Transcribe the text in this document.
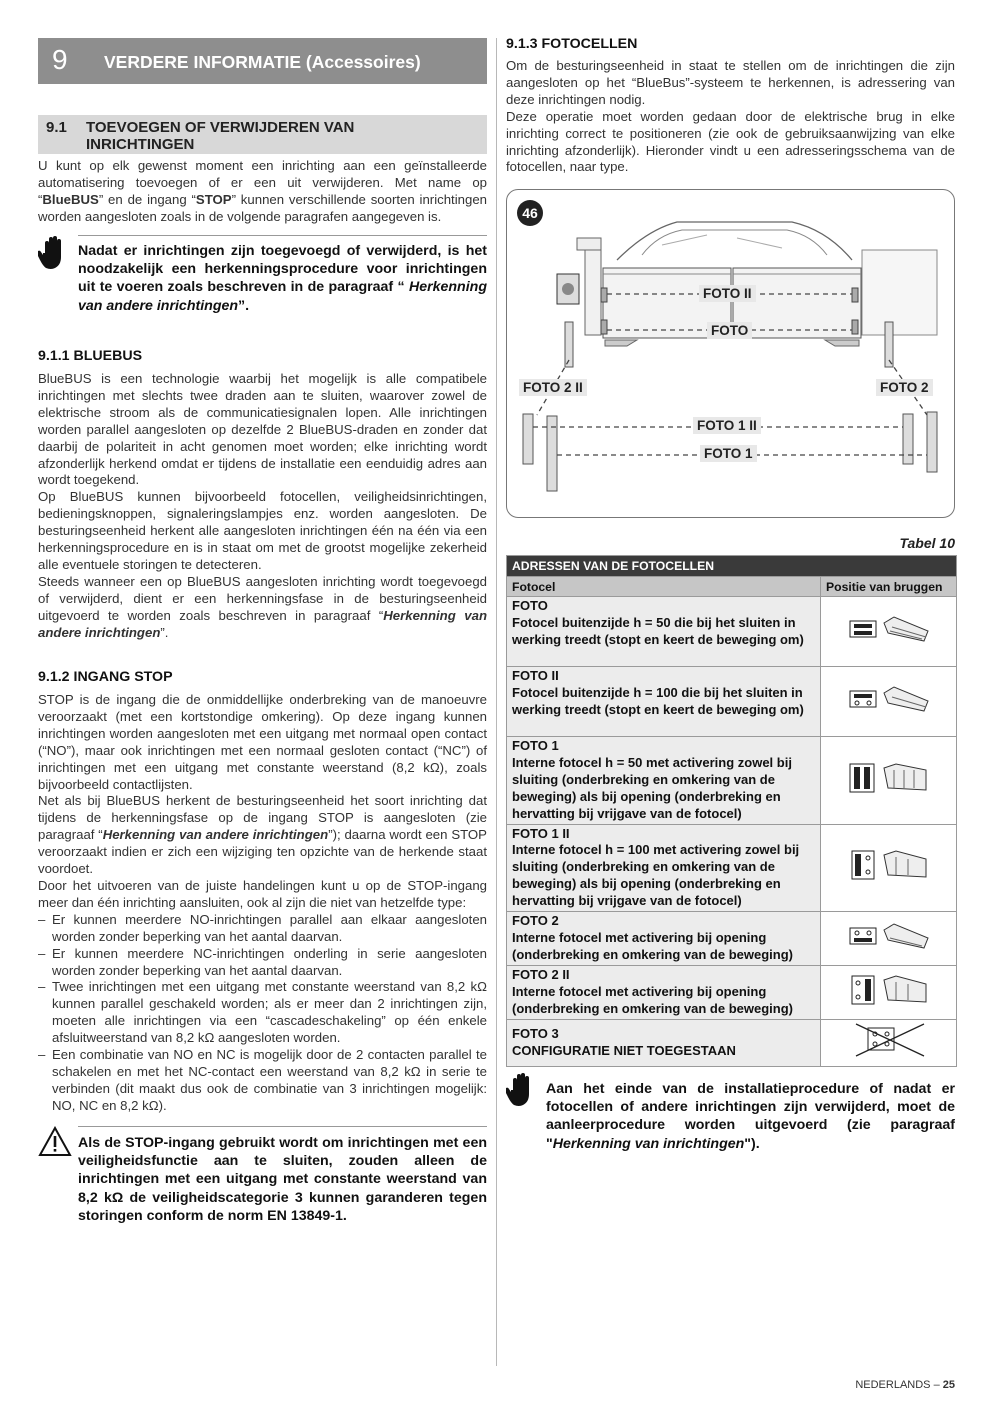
9 VERDERE INFORMATIE (Accessoires)
9.1 TOEVOEGEN OF VERWIJDEREN VAN
INRICHTINGEN

U kunt op elk gewenst moment een inrichting aan een geïnstalleerde automatisering toevoegen of er een uit verwijderen. Met name op “BlueBUS” en de ingang “STOP” kunnen verschillende soorten inrichtingen worden aangesloten zoals in de volgende paragrafen aangegeven is.

Nadat er inrichtingen zijn toegevoegd of verwijderd, is het noodzakelijk een herkenningsprocedure voor inrichtingen uit te voeren zoals beschreven in de paragraaf “ Herkenning van andere inrichtingen”.
9.1.1 BLUEBUS

BlueBUS is een technologie waarbij het mogelijk is alle compatibele inrichtingen met slechts twee draden aan te sluiten, waarover zowel de elektrische stroom als de communicatiesignalen lopen. Alle inrichtingen worden parallel aangesloten op dezelfde 2 BlueBUS-draden en zonder dat daarbij de polariteit in acht genomen moet worden; elke inrichting wordt afzonderlijk herkend omdat er tijdens de installatie een eenduidig adres aan wordt toegekend.

Op BlueBUS kunnen bijvoorbeeld fotocellen, veiligheidsinrichtingen, bedieningsknoppen, signaleringslampjes enz. worden aangesloten. De besturingseenheid herkent alle aangesloten inrichtingen één na één via een herkenningsprocedure en is in staat om met de grootst mogelijke zekerheid alle eventuele storingen te detecteren.

Steeds wanneer een op BlueBUS aangesloten inrichting wordt toegevoegd of verwijderd, dient er een herkenningsfase in de besturingseenheid uitgevoerd te worden zoals beschreven in paragraaf “Herkenning van andere inrichtingen”.

9.1.2 INGANG STOP

STOP is de ingang die de onmiddellijke onderbreking van de manoeuvre veroorzaakt (met een kortstondige omkering). Op deze ingang kunnen inrichtingen worden aangesloten met een uitgang met normaal open contact (“NO”), maar ook inrichtingen met een normaal gesloten contact (“NC”) of inrichtingen met een uitgang met constante weerstand (8,2 kΩ), zoals bijvoorbeeld contactlijsten.

Net als bij BlueBUS herkent de besturingseenheid het soort inrichting dat tijdens de herkenningsfase op de ingang STOP is aangesloten (zie paragraaf “Herkenning van andere inrichtingen”); daarna wordt een STOP veroorzaakt indien er zich een wijziging ten opzichte van de herkende staat voordoet.

Door het uitvoeren van de juiste handelingen kunt u op de STOP-ingang meer dan één inrichting aansluiten, ook al zijn die niet van hetzelfde type:

– Er kunnen meerdere NO-inrichtingen parallel aan elkaar aangesloten worden zonder beperking van het aantal daarvan.
– Er kunnen meerdere NC-inrichtingen onderling in serie aangesloten worden zonder beperking van het aantal daarvan.
– Twee inrichtingen met een uitgang met constante weerstand van 8,2 kΩ kunnen parallel geschakeld worden; als er meer dan 2 inrichtingen zijn, moeten alle inrichtingen via een “cascadeschakeling” op één enkele afsluitweerstand van 8,2 kΩ aangesloten worden.
– Een combinatie van NO en NC is mogelijk door de 2 contacten parallel te schakelen en met het NC-contact een weerstand van 8,2 kΩ in serie te verbinden (dit maakt dus ook de combinatie van 3 inrichtingen mogelijk: NO, NC en 8,2 kΩ).
Als de STOP-ingang gebruikt wordt om inrichtingen met een veiligheidsfunctie aan te sluiten, zouden alleen de inrichtingen met een uitgang met constante weerstand van 8,2 kΩ de veiligheidscategorie 3 kunnen garanderen tegen storingen conform de norm EN 13849-1.
9.1.3 FOTOCELLEN

Om de besturingseenheid in staat te stellen om de inrichtingen die zijn aangesloten op het “BlueBus”-systeem te herkennen, is adressering van deze inrichtingen nodig.

Deze operatie moet worden gedaan door de elektrische brug in elke inrichting correct te positioneren (zie ook de gebruiksaanwijzing van elke inrichting afzonderlijk). Hieronder vindt u een adresseringsschema van de fotocellen, naar type.

46
FOTO II
FOTO
FOTO 2 II	FOTO 2
FOTO 1 II
FOTO 1
Tabel 10
ADRESSEN VAN DE FOTOCELLEN	
Fotocel	Positie van bruggen

FOTO
Fotocel buitenzijde h = 50 die bij het sluiten in werking treedt (stopt en keert de beweging om)

FOTO II
Fotocel buitenzijde h = 100 die bij het sluiten in werking treedt (stopt en keert de beweging om)

FOTO 1
Interne fotocel h = 50 met activering zowel bij sluiting (onderbreking en omkering van de beweging) als bij opening (onderbreking en hervatting bij vrijgave van de fotocel)

FOTO 1 II
Interne fotocel h = 100 met activering zowel bij sluiting (onderbreking en omkering van de beweging) als bij opening (onderbreking en hervatting bij vrijgave van de fotocel)

FOTO 2
Interne fotocel met activering bij opening (onderbreking en omkering van de beweging)

FOTO 2 II
Interne fotocel met activering bij opening (onderbreking en omkering van de beweging)

FOTO 3
CONFIGURATIE NIET TOEGESTAAN

Aan het einde van de installatieprocedure of nadat er fotocellen of andere inrichtingen zijn verwijderd, moet de aanleerprocedure worden uitgevoerd (zie paragraaf "Herkenning van inrichtingen").
NEDERLANDS – 25
